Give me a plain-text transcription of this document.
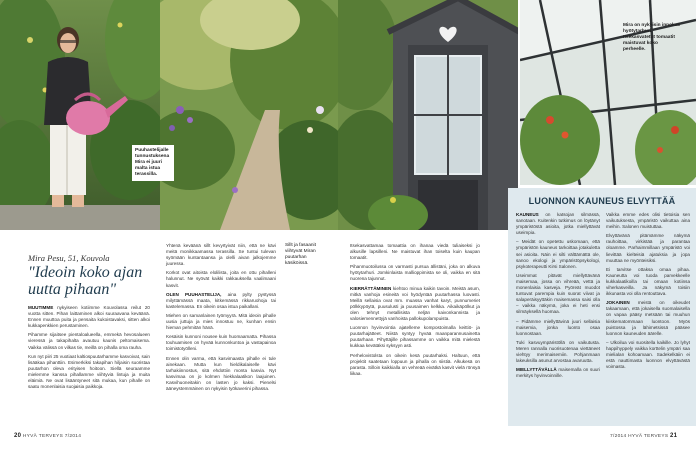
Puuhastelijalle tunnustuksena Mira ei juuri malta istua terassilla.
Mira on nykyisin innokas hyötytarhuri. Itsekasvatetut tomaatit maistuvat koko perheelle.
Sillt ja fasaanit viihtyvät Miran puutarhan käsiköissä.
Mira Pesu, 51, Kouvola
"Ideoin koko ajan uutta pihaan"

MUUTIMME nykyiseen kotiimme Kouvolassa reilut 20 vuotta sitten. Pihan laittaminen alkoi suuraavana keväänä. Ennen muuttoa puita ja pensaita kukoistavaksi, sitten alkoi kukkapenkkien perustaminen.

Pihamme sijaitsee pientaloalueella, emmekä hevosalueen vieressä ja takapihalta avautuu kaunis peltomaisema. Vaikka välissä on vilkas tie, meillä on pihalla oma rauha.

Kun nyt piiri 25 vuotiaat kaltiospuutarhamme kasvoivat, sain lisääkaa pihanttiin. Esimerkiksi takapihan hiljaisin suoristaa puutarhon oleva erityisen hoitoon. Siellä seuraamme mielemme kanssa pihallamme viihtyviä lintuja ja muita eläimiä. Ne ovat lisääntyneet sitä mukaa, kun pihalle on saatu monenlaisia suojaisia paikkoja.

Yhtenä keväänä sillt kevyrtyivät niin, että ne kävi meitä monikkaamassa terassilla. Se tuntui tulevan syömään kuntantaansa ja olelli aivan jalkojemme juuressa.

Korkot ovat aitoista elolilista, joita en ottu pihalleni halunnut. Ne syövät kaikki rakkauksella vaalimaani kasvit.

OLEN PUUHASTELIJA, aina pylty pystyssä milyttämässä maata, kitkemässä rikkaruohoja tai kastelemassa. En oikein osaa istua paikallani.

Miehen on samanlainen työmyyrä. Mitä ideoin pihalle uusia juttuja ja mies innostuu ne, kunhan ensin hieman pehmitän hänä.

Kesäisin kunnoni nousee kuin huomaamatta. Pihassa touhuamisen on hyvää kunnonkuntoa ja vastapainoa toimistotyölleni.

Ennen olin varma, että kasvimaasta pihalle ei tule ainekaan. Mutta kun hieldikalaiselle kävi tarhakiinnostus, sitä ehdottiin monta kasvia. Nyt kasvimaa on jo kolmen hiekkalaatikon laajuinen. Kasvihuoneitakin on lasten jo kaksi. Pienelsi ääneystemmäinen on nykyisin työkaverini pihassa.

Itsekasvattamaa tomaattia on ihanaa viedä tuliaiseksi jo alkusille lapsilleni. Ne maistuvat ihan toiselta kuin kaupan tomaatit.

Pihanmuotoilussa on varmasti pursua ällistäni, joka on alkuva hyötytarhuri. Jomkinlaista mallioppimista se oli, vaikka en sitä nuorena tajunnut.

KIERRÄTTÄMINEN kiehtoo minua kaikin tavoin. Meistä asum, mitkä vanhoja esineitä voi hyödyntää puutarhassa luovasti. Meillä sellaisia ovat mm. muassa vanhat karyt, punnumeriet pölkkypöytä, puusulusti ja puusaimen kelkka. Aikaikäpölkut ja olen tehnyt metallisista neljän kaivonkannista ja valosiemennettyjä vanhoista pallokupolampuista.

Luonnon hyvinvointia ajatelleme kompostoimalla keittiö- ja puutarhajätteet. Niistä syntyy hyvää maanparannusainetta puutarhaan. Pihyttäjille pihassamme on vaikka mitä mielestä kukkaa kevätäksi syksyyn asti.

Perhelovistolsta on oikein kesä puutarhaksi. Haltuun, että projektit saatetaan loppuun ja pihalla on siistiä. Alkukesä on parasta. Silloin kaikkialla on vehreää eivätkä kasvit vielä rönsyä liikaa.

LUONNON KAUNEUS ELVYTTÄÄ

KAUNEUS on katsojan silmässä, sanotaan. Kuitenkin tutkimus on löytänyt ympäristöstä asioita, jotka miellyttävät useimpia.

– Meidät on opetettu uskomaan, että ympäristön kauneus tarkoittaa jotakuletta sei asioita. Näin ei silti välttämättä ole, sanoo ekologi ja ympäristöpsykologi, psykoterapeutti Kirsi Salonen.

Useimmat pitävät miellyttävänä maisemaa, jossa on vihreää, vettä ja monenlaisia kasveja. Pyöreät muodot tuntuvat parempia kuin suorat viivat ja salaperäisyyttäkin maisemassa saisi olla – vaikka näkymä, joka ei heti ensi silmäyksellä huomaa.

– Pidämme miellyttävinä juuri sellaisia maisemia, jonka luonto osaa luonnostaan.

Tuki kasvuympäristöllä on vaikutusta. Meren rannalla nuorisuotenaa viettäneet viehtyy merimaisemiin. Pohjanmaan lakeuksilla asunut arvostaa avaruutta.

MIELLYTTÄVÄLLÄ maisemalla on suuri merkitys hyvinvoinnille.

Vaikka emme edes olisi tietoisia sen vaikutuksesta, ympäristö vaikuttaa aina meihin. Salonen muistuttaa.

Elvyttävänä pitämämme näkymä rauhoittaa, virkistää ja parantaa oloamme. Parhaimmillaan ympäristö voi lievittää kielteisiä ajatuksia ja jopa muuttaa ne myönteisiksi.

Ei tarvitse ottaksa omaa pihaa. Kauneutta voi tuoda parvekkeelle kukkalaatikoilla tai omaan kotiinsa viherkasveilla. Ja näkymä toisiin ikkunasta voi olla rentouttava.

JOKAINEN meistä on oikeudet takaamaan, että jokaisella suomalaisella on vapaa pääsy metsään tai muuhun kiiskematommaan luontoon. Myös puistossa ja lähimetsissä pääsee luonnon kauneuden äärelle.

– Ulkoilua voi suositella kaikille. Jo lyhyt happihyppely vaikka korttelin ympäri saa mielialan kohoamaan. Sadekelkäiin ei estä nauttimasta luonnon elvyttävästä voimasta.

20 HYVÄ TERVEYS 7/2014	7/2014 HYVÄ TERVEYS 21
